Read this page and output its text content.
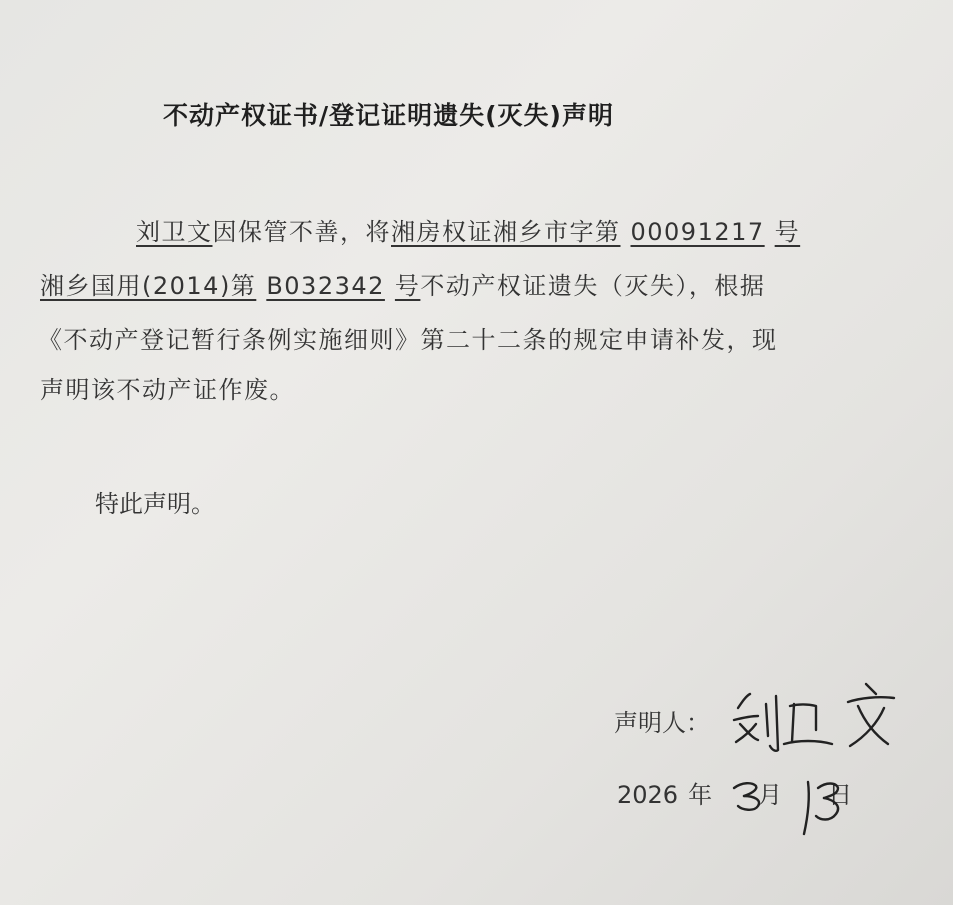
不动产权证书/登记证明遗失(灭失)声明
刘卫文因保管不善，将湘房权证湘乡市字第 00091217 号
湘乡国用(2014)第 B032342 号不动产权证遗失（灭失），根据
《不动产登记暂行条例实施细则》第二十二条的规定申请补发，现
声明该不动产证作废。
特此声明。
声明人：
2026 年 月 日
